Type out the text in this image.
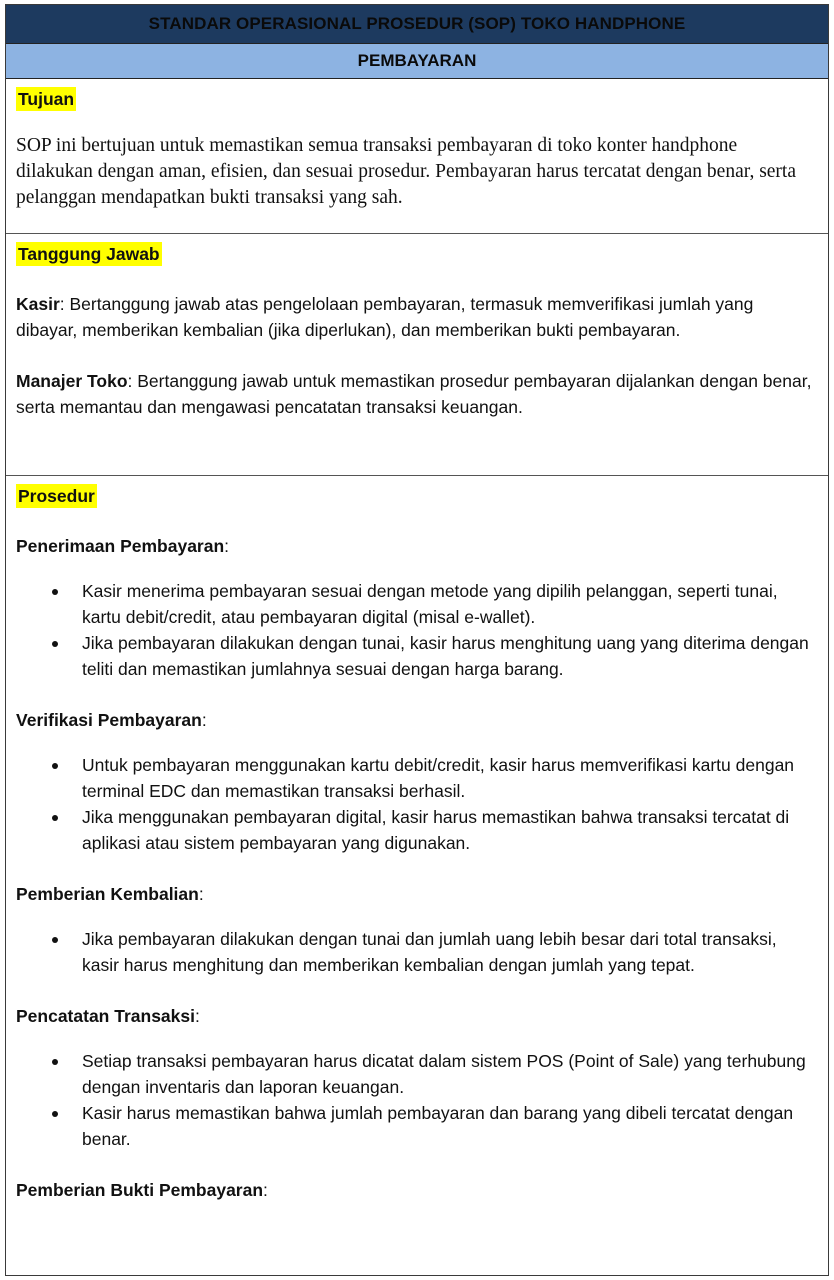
STANDAR OPERASIONAL PROSEDUR (SOP) TOKO HANDPHONE
PEMBAYARAN
Tujuan
SOP ini bertujuan untuk memastikan semua transaksi pembayaran di toko konter handphone dilakukan dengan aman, efisien, dan sesuai prosedur. Pembayaran harus tercatat dengan benar, serta pelanggan mendapatkan bukti transaksi yang sah.
Tanggung Jawab
Kasir: Bertanggung jawab atas pengelolaan pembayaran, termasuk memverifikasi jumlah yang dibayar, memberikan kembalian (jika diperlukan), dan memberikan bukti pembayaran.
Manajer Toko: Bertanggung jawab untuk memastikan prosedur pembayaran dijalankan dengan benar, serta memantau dan mengawasi pencatatan transaksi keuangan.
Prosedur
Penerimaan Pembayaran:
Kasir menerima pembayaran sesuai dengan metode yang dipilih pelanggan, seperti tunai, kartu debit/credit, atau pembayaran digital (misal e-wallet).
Jika pembayaran dilakukan dengan tunai, kasir harus menghitung uang yang diterima dengan teliti dan memastikan jumlahnya sesuai dengan harga barang.
Verifikasi Pembayaran:
Untuk pembayaran menggunakan kartu debit/credit, kasir harus memverifikasi kartu dengan terminal EDC dan memastikan transaksi berhasil.
Jika menggunakan pembayaran digital, kasir harus memastikan bahwa transaksi tercatat di aplikasi atau sistem pembayaran yang digunakan.
Pemberian Kembalian:
Jika pembayaran dilakukan dengan tunai dan jumlah uang lebih besar dari total transaksi, kasir harus menghitung dan memberikan kembalian dengan jumlah yang tepat.
Pencatatan Transaksi:
Setiap transaksi pembayaran harus dicatat dalam sistem POS (Point of Sale) yang terhubung dengan inventaris dan laporan keuangan.
Kasir harus memastikan bahwa jumlah pembayaran dan barang yang dibeli tercatat dengan benar.
Pemberian Bukti Pembayaran:
